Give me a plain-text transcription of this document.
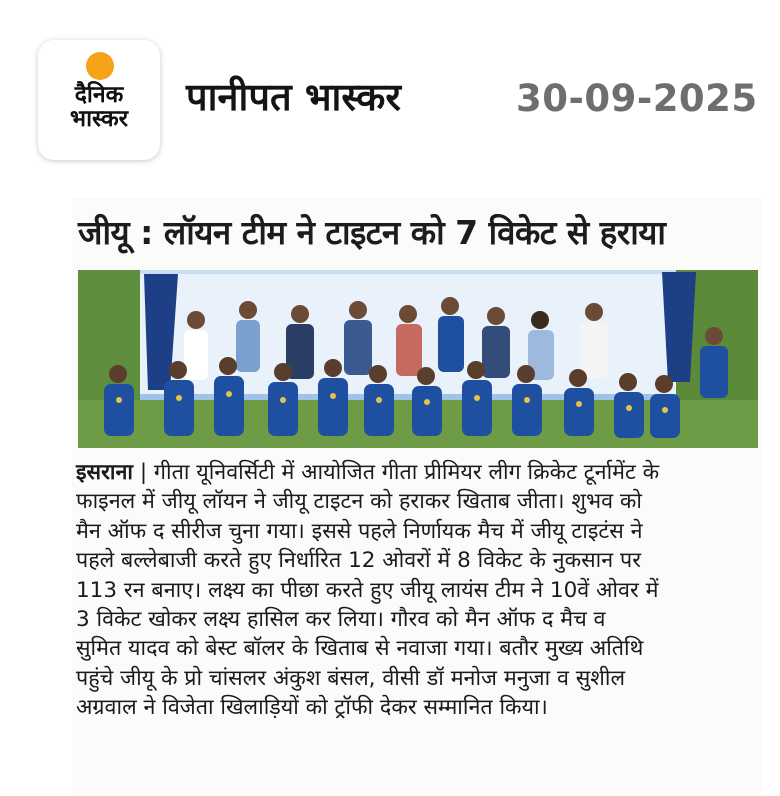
दैनिक
भास्कर	पानीपत भास्कर	30-09-2025
जीयू : लॉयन टीम ने टाइटन को 7 विकेट से हराया

इसराना | गीता यूनिवर्सिटी में आयोजित गीता प्रीमियर लीग क्रिकेट टूर्नामेंट के

फाइनल में जीयू लॉयन ने जीयू टाइटन को हराकर खिताब जीता। शुभव को

मैन ऑफ द सीरीज चुना गया। इससे पहले निर्णायक मैच में जीयू टाइटंस ने

पहले बल्लेबाजी करते हुए निर्धारित 12 ओवरों में 8 विकेट के नुकसान पर

113 रन बनाए। लक्ष्य का पीछा करते हुए जीयू लायंस टीम ने 10वें ओवर में

3 विकेट खोकर लक्ष्य हासिल कर लिया। गौरव को मैन ऑफ द मैच व

सुमित यादव को बेस्ट बॉलर के खिताब से नवाजा गया। बतौर मुख्य अतिथि

पहुंचे जीयू के प्रो चांसलर अंकुश बंसल, वीसी डॉ मनोज मनुजा व सुशील

अग्रवाल ने विजेता खिलाड़ियों को ट्रॉफी देकर सम्मानित किया।
